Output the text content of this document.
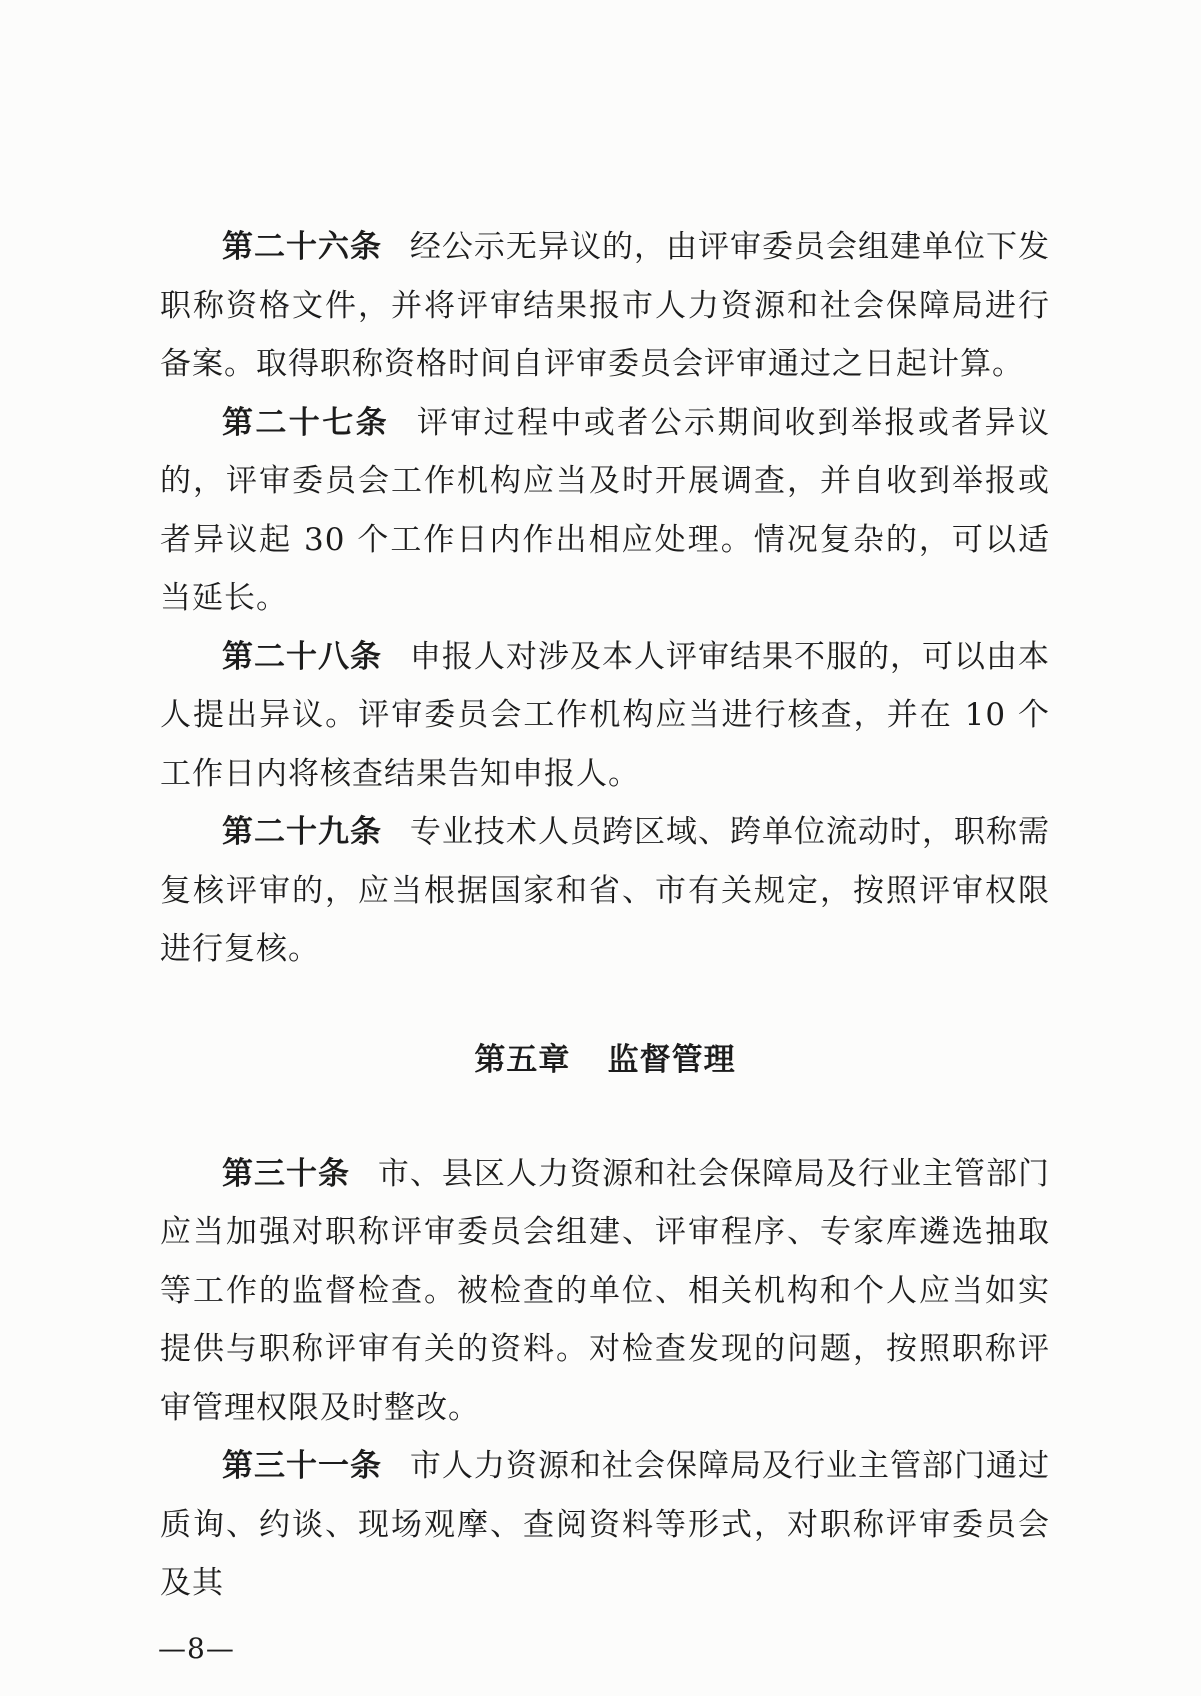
第二十六条 经公示无异议的，由评审委员会组建单位下发职称资格文件，并将评审结果报市人力资源和社会保障局进行备案。取得职称资格时间自评审委员会评审通过之日起计算。

第二十七条 评审过程中或者公示期间收到举报或者异议的，评审委员会工作机构应当及时开展调查，并自收到举报或者异议起 30 个工作日内作出相应处理。情况复杂的，可以适当延长。

第二十八条 申报人对涉及本人评审结果不服的，可以由本人提出异议。评审委员会工作机构应当进行核查，并在 10 个工作日内将核查结果告知申报人。

第二十九条 专业技术人员跨区域、跨单位流动时，职称需复核评审的，应当根据国家和省、市有关规定，按照评审权限进行复核。

第五章 监督管理

第三十条 市、县区人力资源和社会保障局及行业主管部门应当加强对职称评审委员会组建、评审程序、专家库遴选抽取等工作的监督检查。被检查的单位、相关机构和个人应当如实提供与职称评审有关的资料。对检查发现的问题，按照职称评审管理权限及时整改。

第三十一条 市人力资源和社会保障局及行业主管部门通过质询、约谈、现场观摩、查阅资料等形式，对职称评审委员会及其

—8—
